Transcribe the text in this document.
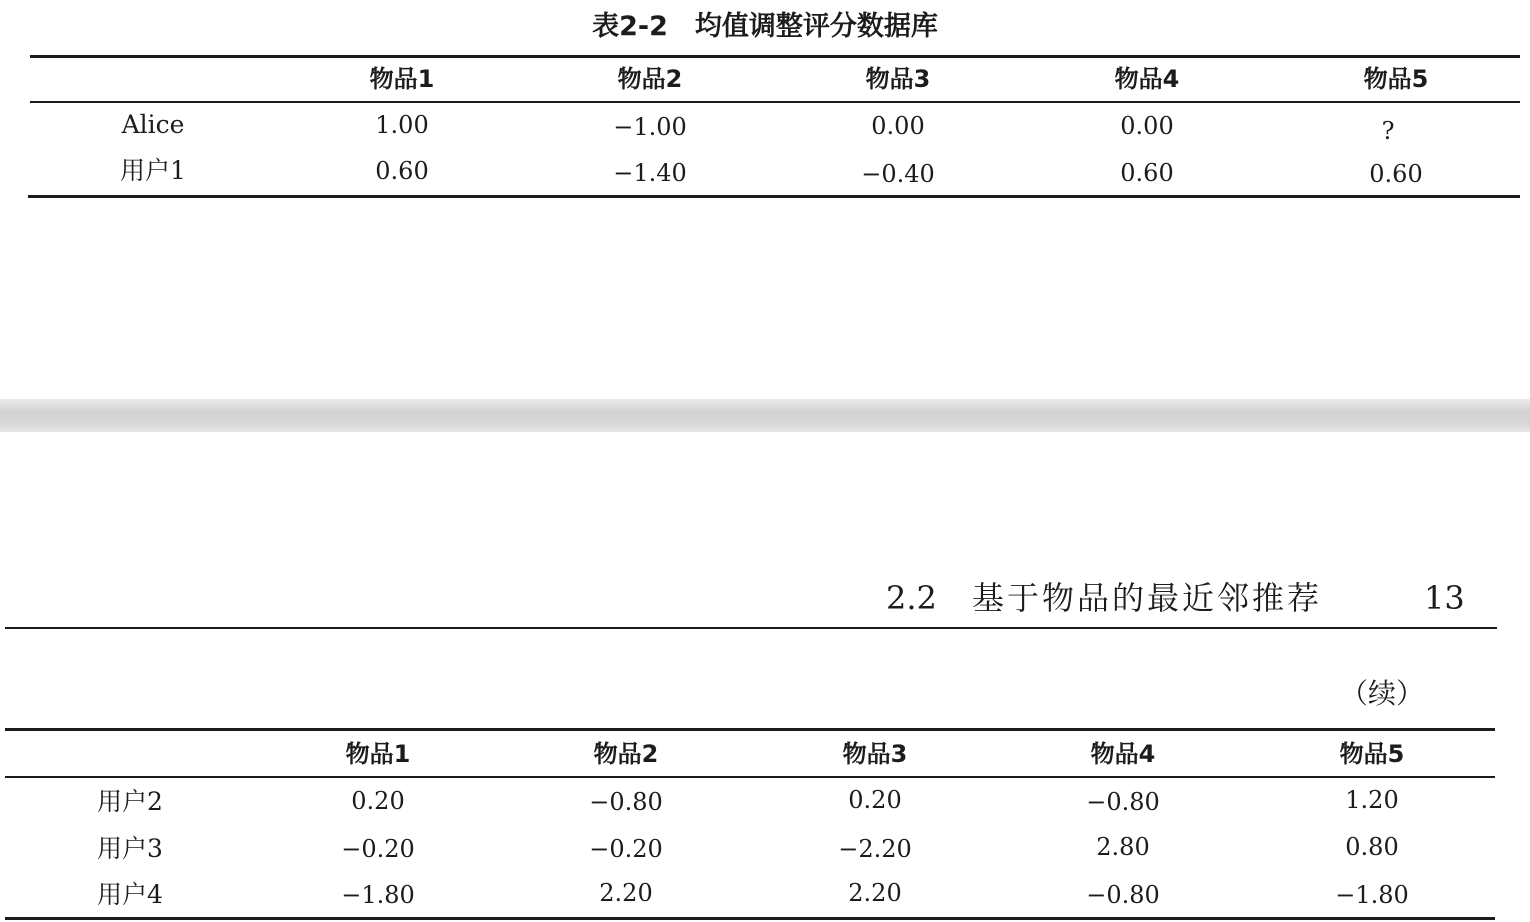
表2-2　均值调整评分数据库
物品1	物品2	物品3	物品4	物品5
Alice	1.00	−1.00	0.00	0.00	?
用户1	0.60	−1.40	−0.40	0.60	0.60
2.2 基于物品的最近邻推荐	13
（续）
物品1	物品2	物品3	物品4	物品5
用户2	0.20	−0.80	0.20	−0.80	1.20
用户3	−0.20	−0.20	−2.20	2.80	0.80
用户4	−1.80	2.20	2.20	−0.80	−1.80
